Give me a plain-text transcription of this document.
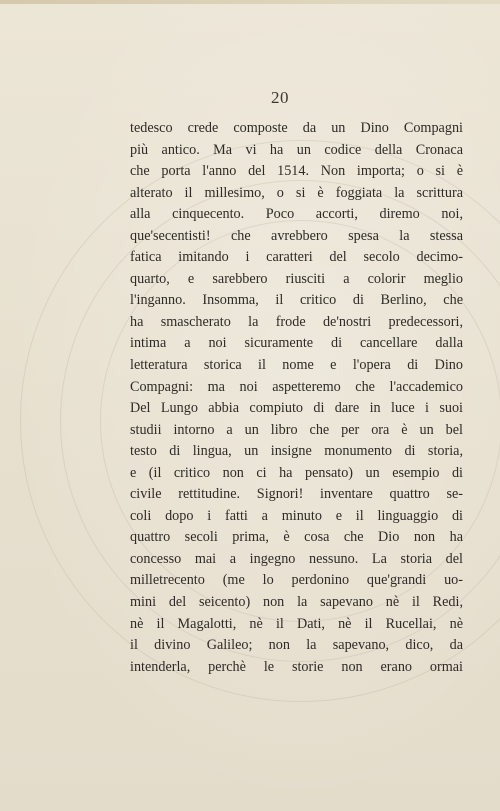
20
tedesco crede composte da un Dino Compagni
più antico. Ma vi ha un codice della Cronaca
che porta l'anno del 1514. Non importa; o si è
alterato il millesimo, o si è foggiata la scrittura
alla cinquecento. Poco accorti, diremo noi,
que'secentisti! che avrebbero spesa la stessa
fatica imitando i caratteri del secolo decimo-
quarto, e sarebbero riusciti a colorir meglio
l'inganno. Insomma, il critico di Berlino, che
ha smascherato la frode de'nostri predecessori,
intima a noi sicuramente di cancellare dalla
letteratura storica il nome e l'opera di Dino
Compagni: ma noi aspetteremo che l'accademico
Del Lungo abbia compiuto di dare in luce i suoi
studii intorno a un libro che per ora è un bel
testo di lingua, un insigne monumento di storia,
e (il critico non ci ha pensato) un esempio di
civile rettitudine. Signori! inventare quattro se-
coli dopo i fatti a minuto e il linguaggio di
quattro secoli prima, è cosa che Dio non ha
concesso mai a ingegno nessuno. La storia del
milletrecento (me lo perdonino que'grandi uo-
mini del seicento) non la sapevano nè il Redi,
nè il Magalotti, nè il Dati, nè il Rucellai, nè
il divino Galileo; non la sapevano, dico, da
intenderla, perchè le storie non erano ormai
